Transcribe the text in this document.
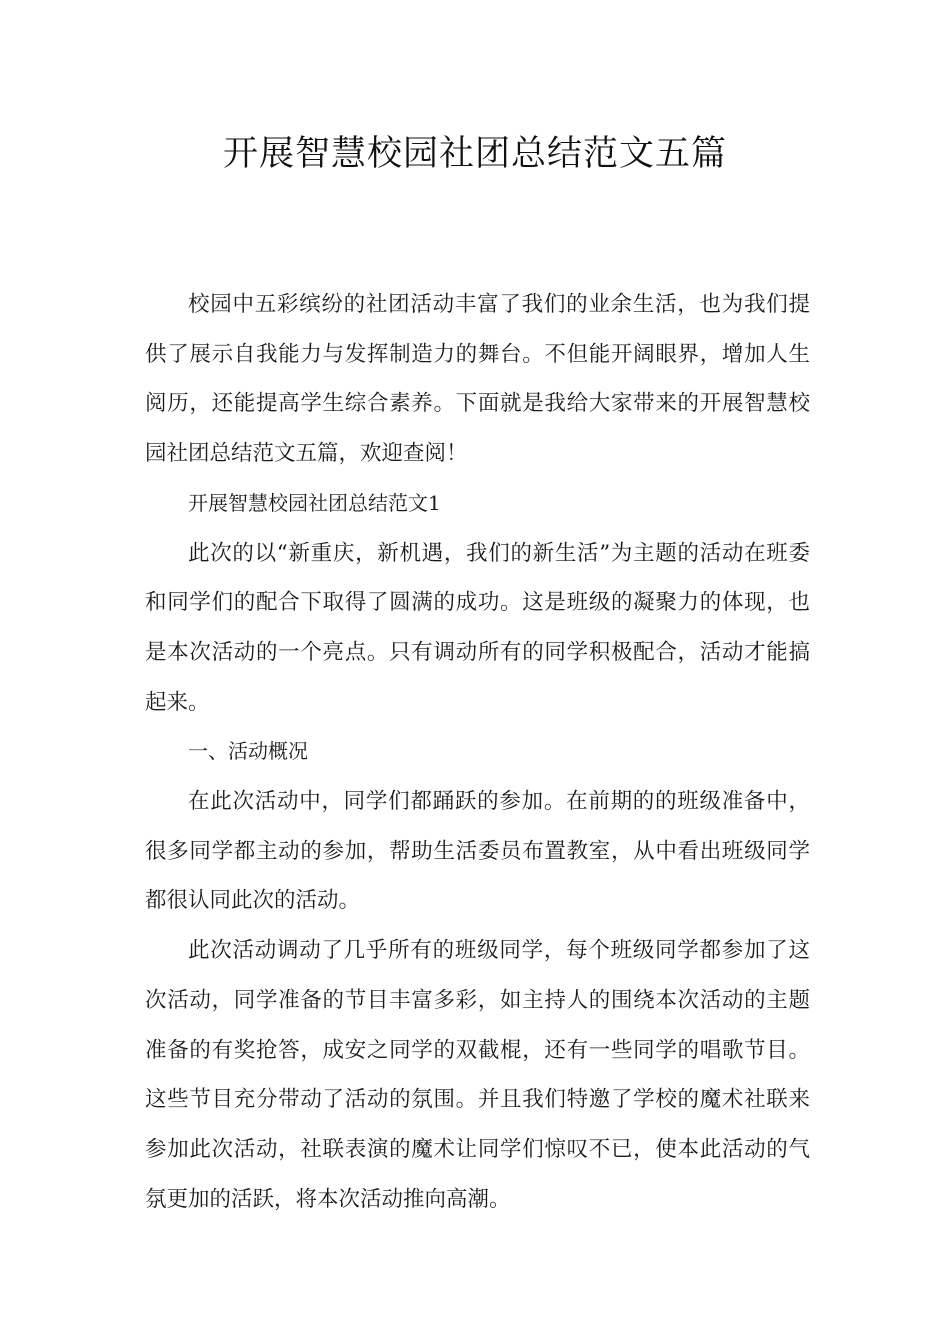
开展智慧校园社团总结范文五篇

校园中五彩缤纷的社团活动丰富了我们的业余生活，也为我们提供了展示自我能力与发挥制造力的舞台。不但能开阔眼界，增加人生阅历，还能提高学生综合素养。下面就是我给大家带来的开展智慧校园社团总结范文五篇，欢迎查阅！

开展智慧校园社团总结范文1

此次的以“新重庆，新机遇，我们的新生活”为主题的活动在班委和同学们的配合下取得了圆满的成功。这是班级的凝聚力的体现，也是本次活动的一个亮点。只有调动所有的同学积极配合，活动才能搞起来。

一、活动概况

在此次活动中，同学们都踊跃的参加。在前期的的班级准备中，很多同学都主动的参加，帮助生活委员布置教室，从中看出班级同学都很认同此次的活动。

此次活动调动了几乎所有的班级同学，每个班级同学都参加了这次活动，同学准备的节目丰富多彩，如主持人的围绕本次活动的主题准备的有奖抢答，成安之同学的双截棍，还有一些同学的唱歌节目。这些节目充分带动了活动的氛围。并且我们特邀了学校的魔术社联来参加此次活动，社联表演的魔术让同学们惊叹不已，使本此活动的气氛更加的活跃，将本次活动推向高潮。
